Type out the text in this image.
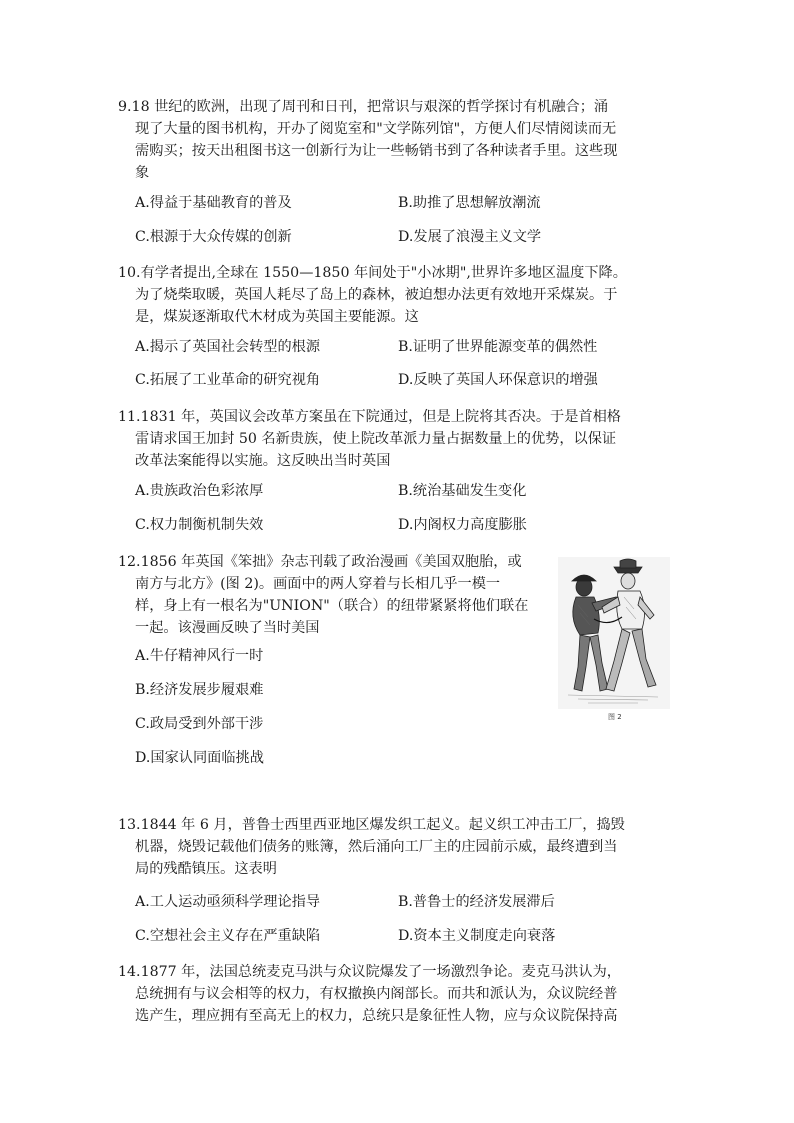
9.18 世纪的欧洲，出现了周刊和日刊，把常识与艰深的哲学探讨有机融合；涌
现了大量的图书机构，开办了阅览室和"文学陈列馆"，方便人们尽情阅读而无
需购买；按天出租图书这一创新行为让一些畅销书到了各种读者手里。这些现
象
A.得益于基础教育的普及	B.助推了思想解放潮流
C.根源于大众传媒的创新	D.发展了浪漫主义文学
10.有学者提出,全球在 1550—1850 年间处于"小冰期",世界许多地区温度下降。
为了烧柴取暖，英国人耗尽了岛上的森林，被迫想办法更有效地开采煤炭。于
是，煤炭逐渐取代木材成为英国主要能源。这
A.揭示了英国社会转型的根源	B.证明了世界能源变革的偶然性
C.拓展了工业革命的研究视角	D.反映了英国人环保意识的增强
11.1831 年，英国议会改革方案虽在下院通过，但是上院将其否决。于是首相格
雷请求国王加封 50 名新贵族，使上院改革派力量占据数量上的优势，以保证
改革法案能得以实施。这反映出当时英国
A.贵族政治色彩浓厚	B.统治基础发生变化
C.权力制衡机制失效	D.内阁权力高度膨胀
12.1856 年英国《笨拙》杂志刊载了政治漫画《美国双胞胎，或
南方与北方》(图 2)。画面中的两人穿着与长相几乎一模一
样，身上有一根名为"UNION"（联合）的纽带紧紧将他们联在
一起。该漫画反映了当时美国
A.牛仔精神风行一时
B.经济发展步履艰难
C.政局受到外部干涉
D.国家认同面临挑战
图 2
13.1844 年 6 月，普鲁士西里西亚地区爆发织工起义。起义织工冲击工厂，捣毁
机器，烧毁记载他们债务的账簿，然后涌向工厂主的庄园前示威，最终遭到当
局的残酷镇压。这表明
A.工人运动亟须科学理论指导	B.普鲁士的经济发展滞后
C.空想社会主义存在严重缺陷	D.资本主义制度走向衰落
14.1877 年，法国总统麦克马洪与众议院爆发了一场激烈争论。麦克马洪认为，
总统拥有与议会相等的权力，有权撤换内阁部长。而共和派认为，众议院经普
选产生，理应拥有至高无上的权力，总统只是象征性人物，应与众议院保持高
